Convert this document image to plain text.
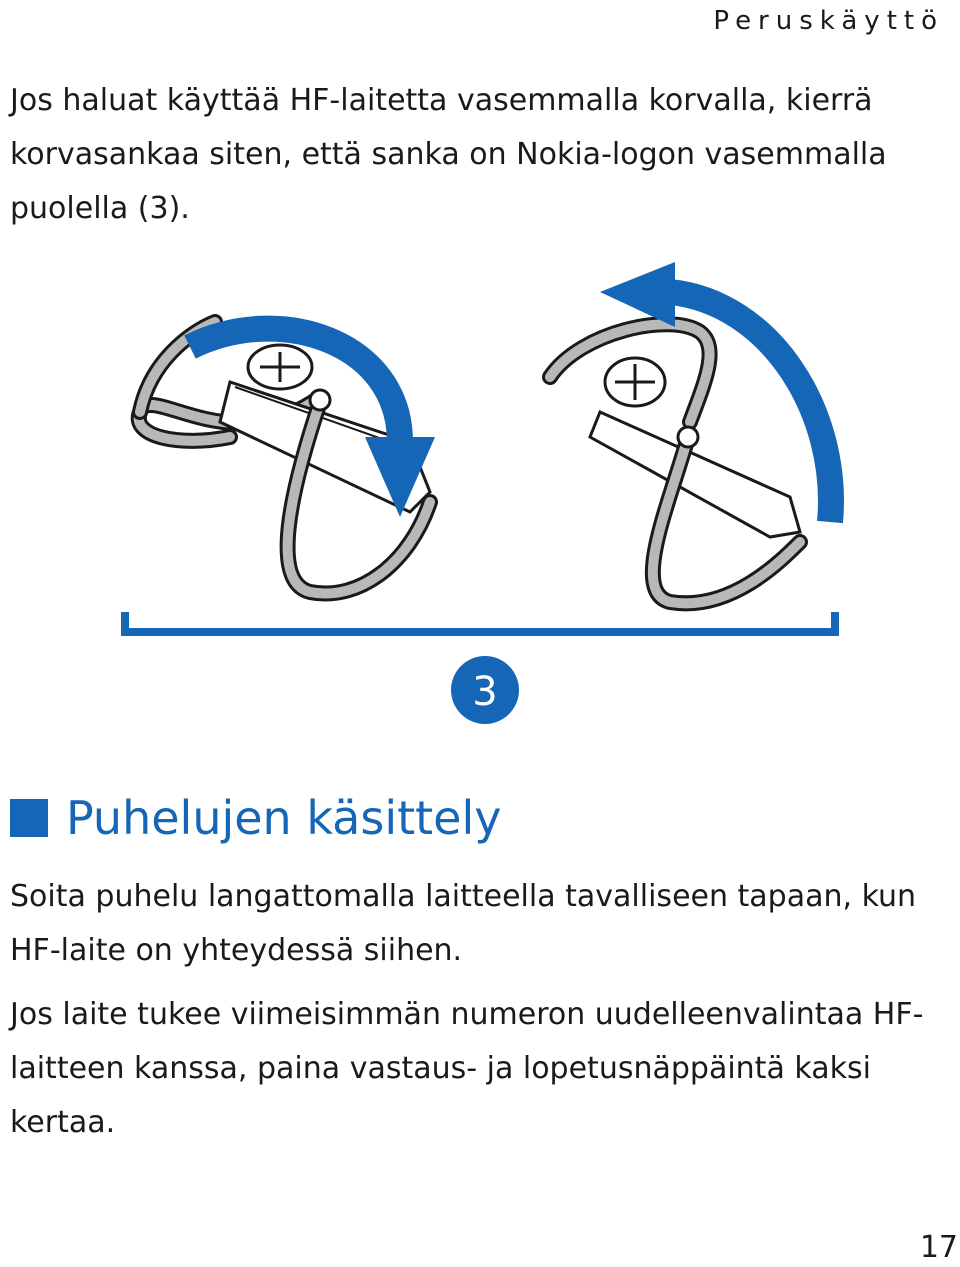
Peruskäyttö

Jos haluat käyttää HF-laitetta vasemmalla korvalla, kierrä korvasankaa siten, että sanka on Nokia-logon vasemmalla puolella (3).

3
Puhelujen käsittely

Soita puhelu langattomalla laitteella tavalliseen tapaan, kun HF-laite on yhteydessä siihen.

Jos laite tukee viimeisimmän numeron uudelleenvalintaa HF-laitteen kanssa, paina vastaus- ja lopetusnäppäintä kaksi kertaa.

17
